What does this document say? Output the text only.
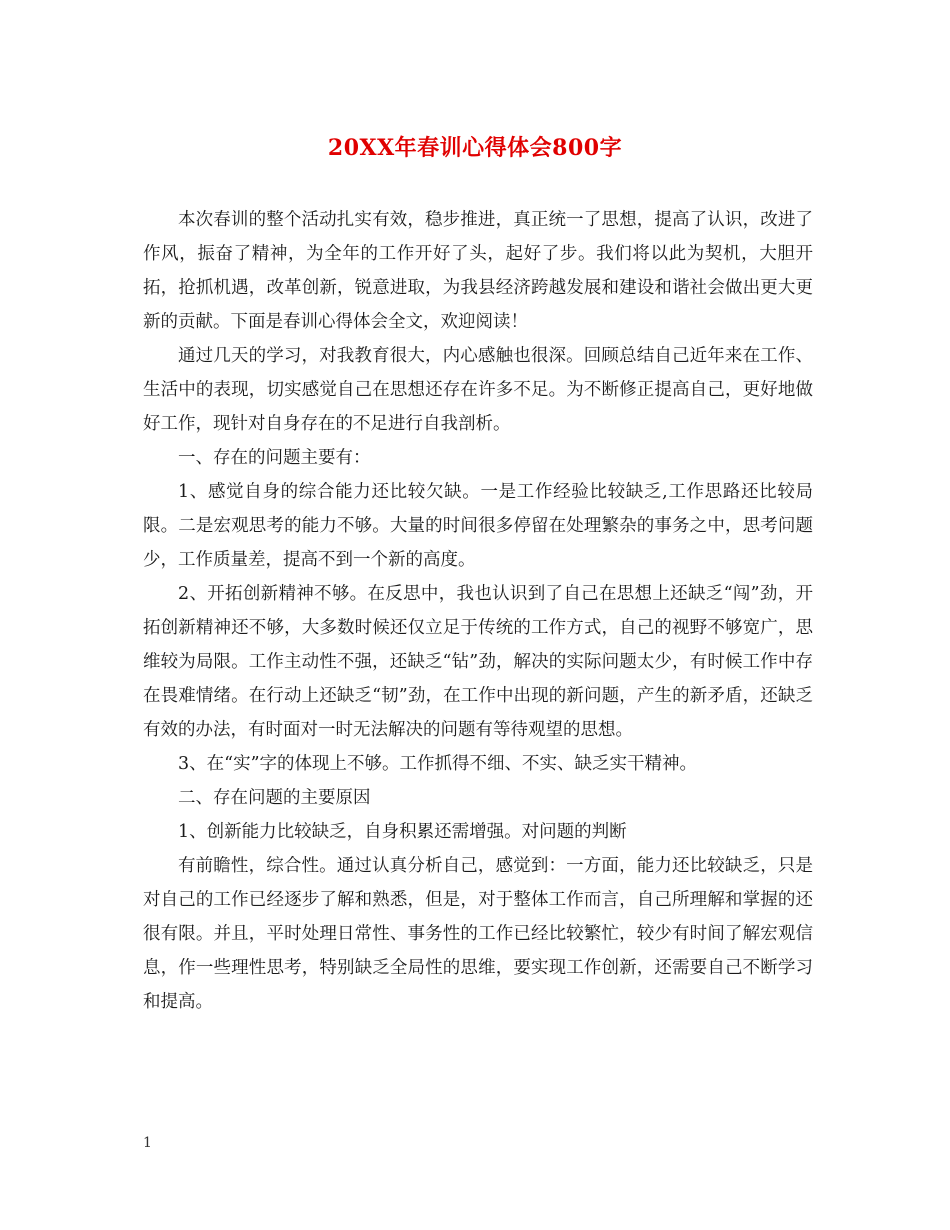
20XX年春训心得体会800字

本次春训的整个活动扎实有效，稳步推进，真正统一了思想，提高了认识，改进了作风，振奋了精神，为全年的工作开好了头，起好了步。我们将以此为契机，大胆开拓，抢抓机遇，改革创新，锐意进取，为我县经济跨越发展和建设和谐社会做出更大更新的贡献。下面是春训心得体会全文，欢迎阅读！

通过几天的学习，对我教育很大，内心感触也很深。回顾总结自己近年来在工作、生活中的表现，切实感觉自己在思想还存在许多不足。为不断修正提高自己，更好地做好工作，现针对自身存在的不足进行自我剖析。

一、存在的问题主要有：

1、感觉自身的综合能力还比较欠缺。一是工作经验比较缺乏,工作思路还比较局限。二是宏观思考的能力不够。大量的时间很多停留在处理繁杂的事务之中，思考问题少，工作质量差，提高不到一个新的高度。

2、开拓创新精神不够。在反思中，我也认识到了自己在思想上还缺乏“闯”劲，开拓创新精神还不够，大多数时候还仅立足于传统的工作方式，自己的视野不够宽广，思维较为局限。工作主动性不强，还缺乏“钻”劲，解决的实际问题太少，有时候工作中存在畏难情绪。在行动上还缺乏“韧”劲，在工作中出现的新问题，产生的新矛盾，还缺乏有效的办法，有时面对一时无法解决的问题有等待观望的思想。

3、在“实”字的体现上不够。工作抓得不细、不实、缺乏实干精神。

二、存在问题的主要原因

1、创新能力比较缺乏，自身积累还需增强。对问题的判断

有前瞻性，综合性。通过认真分析自己，感觉到：一方面，能力还比较缺乏，只是对自己的工作已经逐步了解和熟悉，但是，对于整体工作而言，自己所理解和掌握的还很有限。并且，平时处理日常性、事务性的工作已经比较繁忙，较少有时间了解宏观信息，作一些理性思考，特别缺乏全局性的思维，要实现工作创新，还需要自己不断学习和提高。

1
